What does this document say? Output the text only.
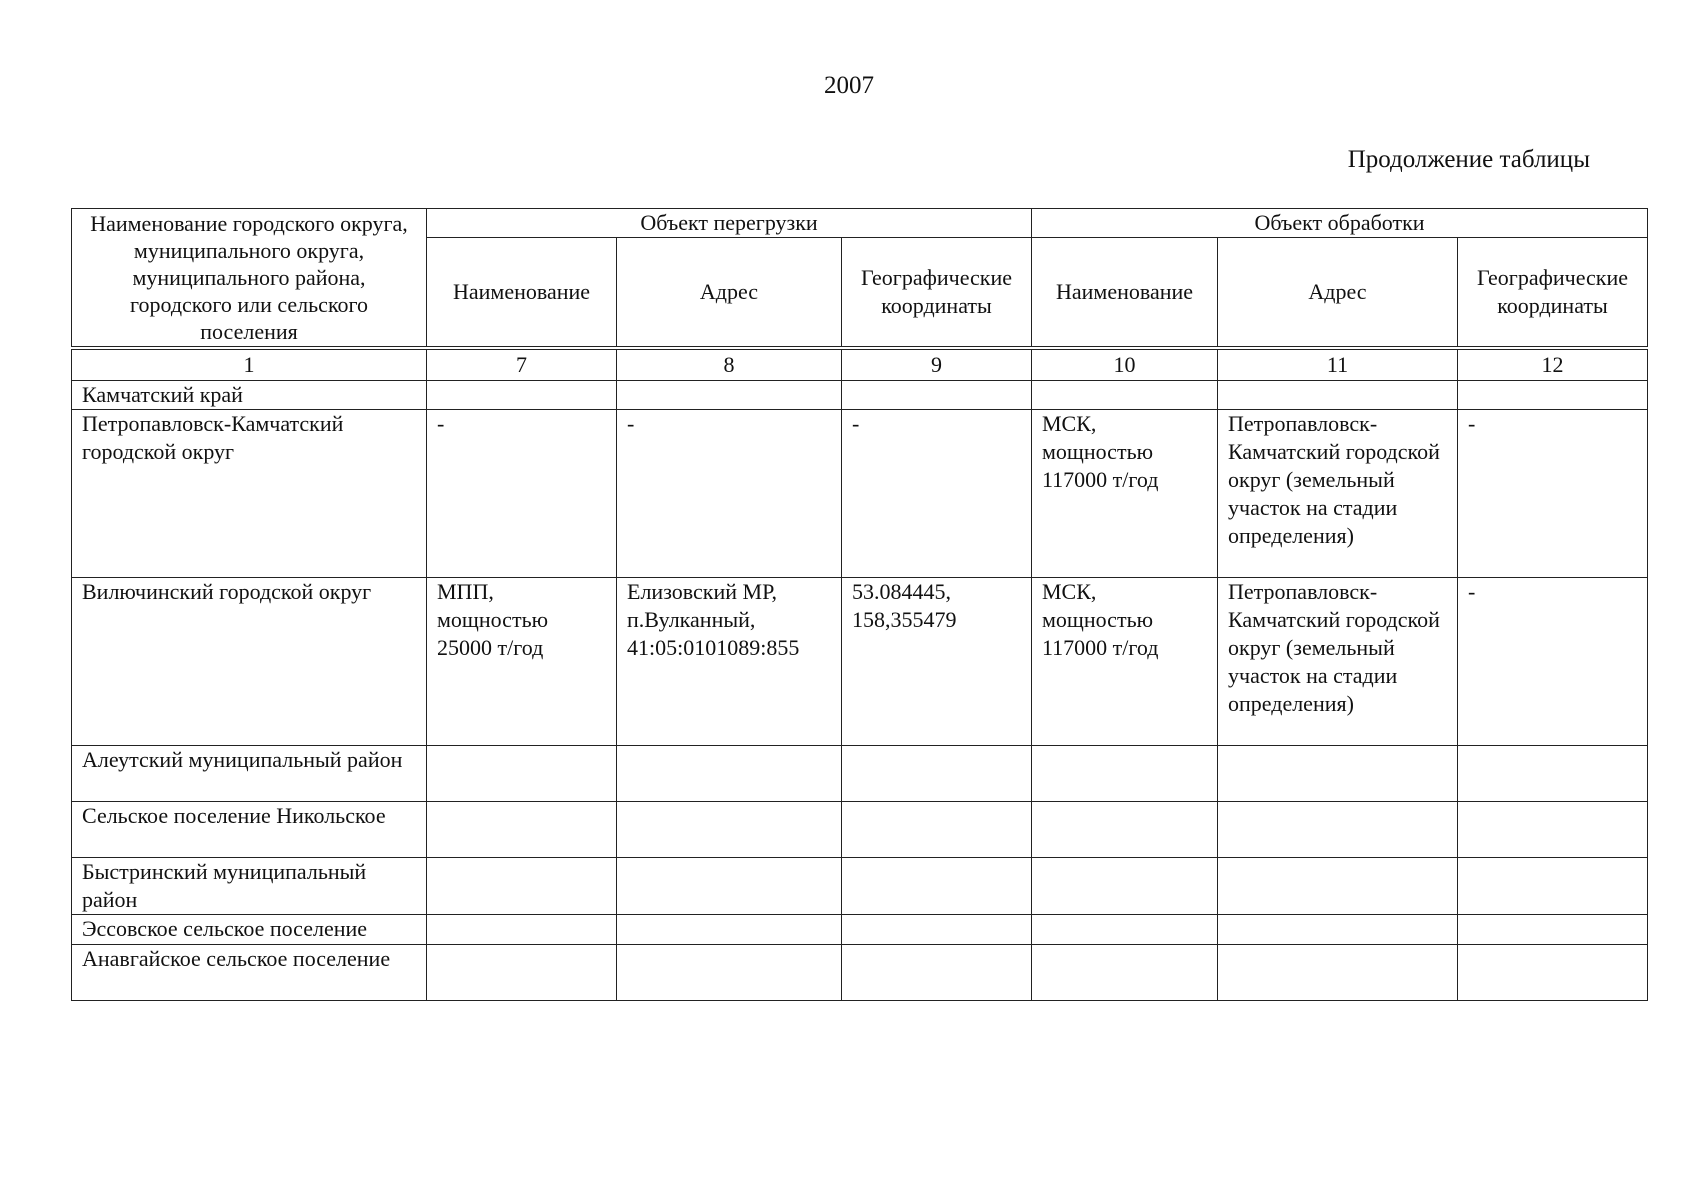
2007
Продолжение таблицы
Наименование городского округа, муниципального округа, муниципального района, городского или сельского поселения	Объект перегрузки			Объект обработки		
	Наименование	Адрес	Географические координаты	Наименование	Адрес	Географические координаты
1	7	8	9	10	11	12
Камчатский край						
Петропавловск-Камчатский городской округ	-	-	-	МСК, мощностью 117000 т/год	Петропавловск-Камчатский городской округ (земельный участок на стадии определения)	-
Вилючинский городской округ	МПП, мощностью 25000 т/год	Елизовский МР, п.Вулканный, 41:05:0101089:855	53.084445, 158,355479	МСК, мощностью 117000 т/год	Петропавловск-Камчатский городской округ (земельный участок на стадии определения)	-
Алеутский муниципальный район						
Сельское поселение Никольское						
Быстринский муниципальный район						
Эссовское сельское поселение						
Анавгайское сельское поселение						
